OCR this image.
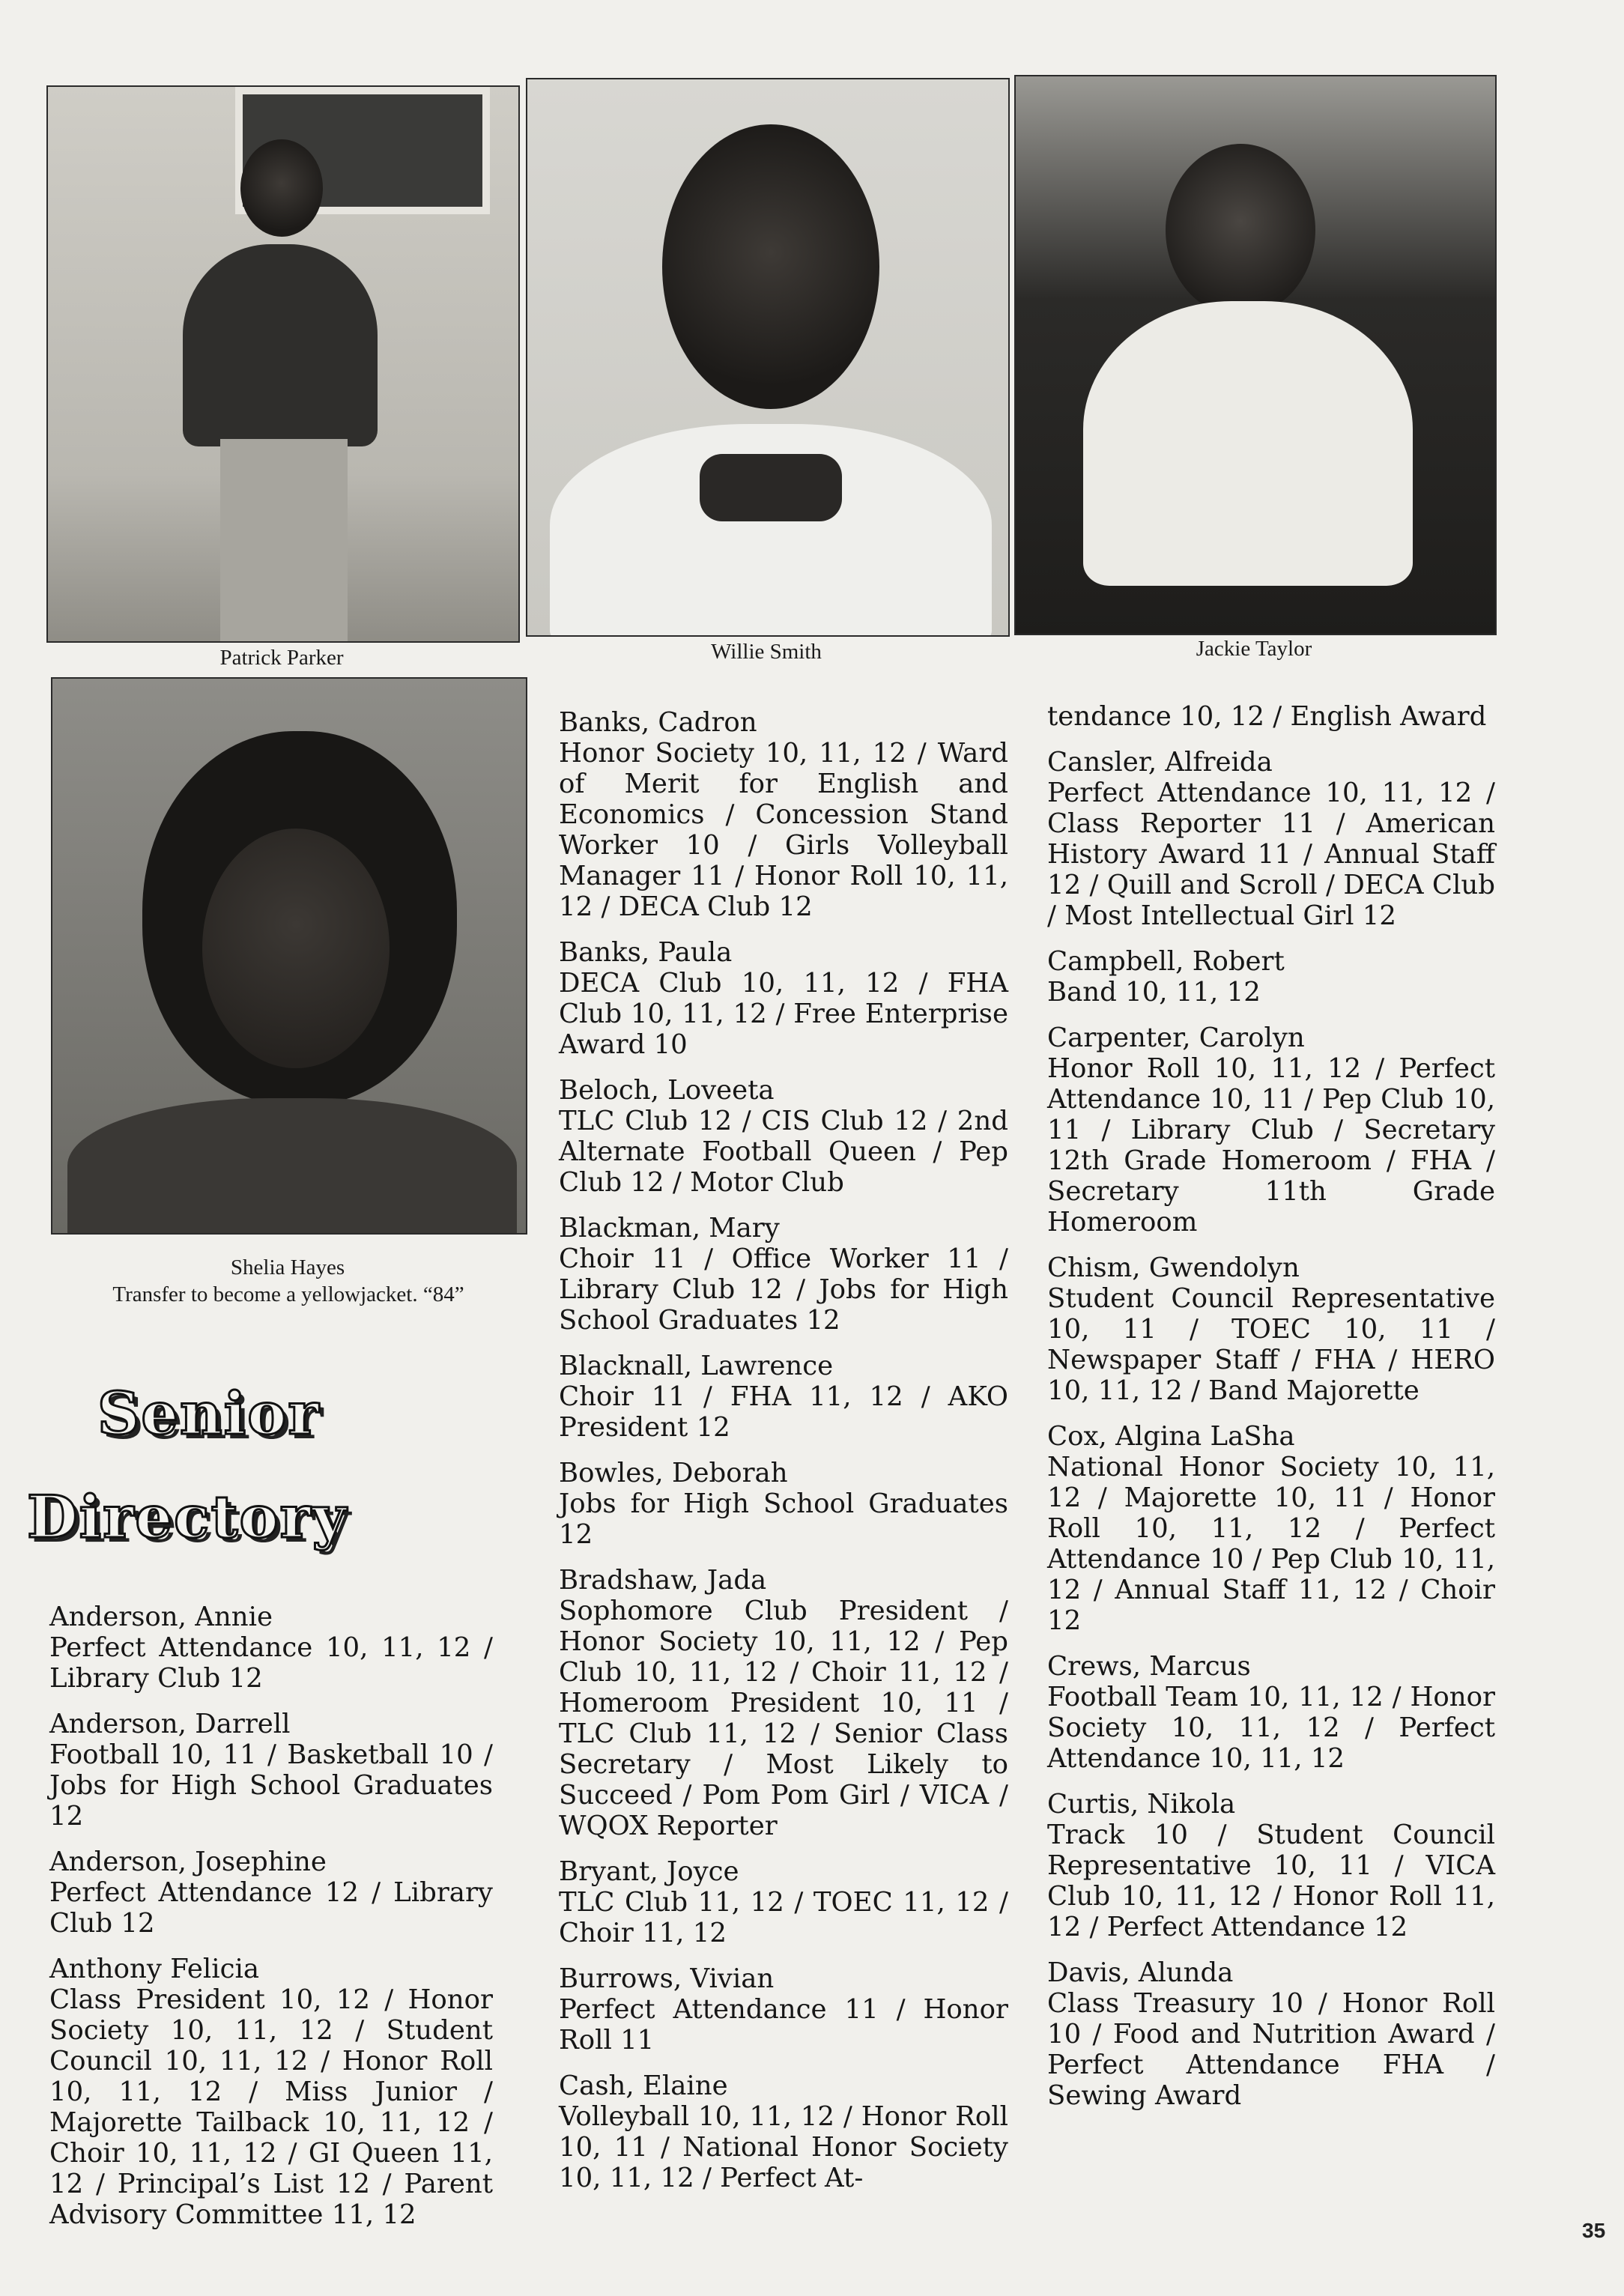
Patrick Parker	Willie Smith	Jackie Taylor
Shelia Hayes
Transfer to become a yellowjacket. “84”
Senior
Directory
Anderson, Annie
Perfect Attendance 10, 11, 12 / Library Club 12
Anderson, Darrell
Football 10, 11 / Basketball 10 / Jobs for High School Graduates 12
Anderson, Josephine
Perfect Attendance 12 / Library Club 12
Anthony Felicia
Class President 10, 12 / Honor Society 10, 11, 12 / Student Council 10, 11, 12 / Honor Roll 10, 11, 12 / Miss Junior / Majorette Tailback 10, 11, 12 / Choir 10, 11, 12 / GI Queen 11, 12 / Principal’s List 12 / Parent Advisory Committee 11, 12
Banks, Cadron
Honor Society 10, 11, 12 / Ward of Merit for English and Economics / Concession Stand Worker 10 / Girls Volleyball Manager 11 / Honor Roll 10, 11, 12 / DECA Club 12
Banks, Paula
DECA Club 10, 11, 12 / FHA Club 10, 11, 12 / Free Enterprise Award 10
Beloch, Loveeta
TLC Club 12 / CIS Club 12 / 2nd Alternate Football Queen / Pep Club 12 / Motor Club
Blackman, Mary
Choir 11 / Office Worker 11 / Library Club 12 / Jobs for High School Graduates 12
Blacknall, Lawrence
Choir 11 / FHA 11, 12 / AKO President 12
Bowles, Deborah
Jobs for High School Graduates 12
Bradshaw, Jada
Sophomore Club President / Honor Society 10, 11, 12 / Pep Club 10, 11, 12 / Choir 11, 12 / Homeroom President 10, 11 / TLC Club 11, 12 / Senior Class Secretary / Most Likely to Succeed / Pom Pom Girl / VICA / WQOX Reporter
Bryant, Joyce
TLC Club 11, 12 / TOEC 11, 12 / Choir 11, 12
Burrows, Vivian
Perfect Attendance 11 / Honor Roll 11
Cash, Elaine
Volleyball 10, 11, 12 / Honor Roll 10, 11 / National Honor Society 10, 11, 12 / Perfect At-
tendance 10, 12 / English Award
Cansler, Alfreida
Perfect Attendance 10, 11, 12 / Class Reporter 11 / American History Award 11 / Annual Staff 12 / Quill and Scroll / DECA Club / Most Intellectual Girl 12
Campbell, Robert
Band 10, 11, 12
Carpenter, Carolyn
Honor Roll 10, 11, 12 / Perfect Attendance 10, 11 / Pep Club 10, 11 / Library Club / Secretary 12th Grade Homeroom / FHA / Secretary 11th Grade Homeroom
Chism, Gwendolyn
Student Council Representative 10, 11 / TOEC 10, 11 / Newspaper Staff / FHA / HERO 10, 11, 12 / Band Majorette
Cox, Algina LaSha
National Honor Society 10, 11, 12 / Majorette 10, 11 / Honor Roll 10, 11, 12 / Perfect Attendance 10 / Pep Club 10, 11, 12 / Annual Staff 11, 12 / Choir 12
Crews, Marcus
Football Team 10, 11, 12 / Honor Society 10, 11, 12 / Perfect Attendance 10, 11, 12
Curtis, Nikola
Track 10 / Student Council Representative 10, 11 / VICA Club 10, 11, 12 / Honor Roll 11, 12 / Perfect Attendance 12
Davis, Alunda
Class Treasury 10 / Honor Roll 10 / Food and Nutrition Award / Perfect Attendance FHA / Sewing Award
35
